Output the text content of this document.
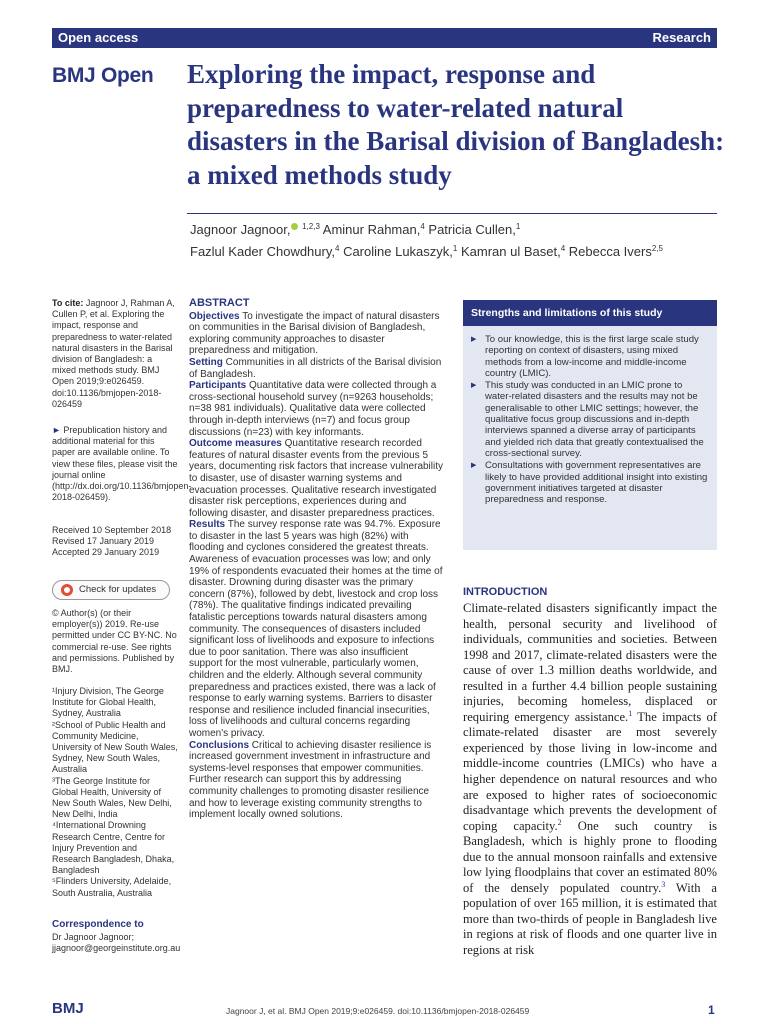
Open access	Research
BMJ Open Exploring the impact, response and preparedness to water-related natural disasters in the Barisal division of Bangladesh: a mixed methods study
Jagnoor Jagnoor, $^{1,2,3}$ Aminur Rahman,$^4$ Patricia Cullen,$^1$
Fazlul Kader Chowdhury,$^4$ Caroline Lukaszyk,$^1$ Kamran ul Baset,$^4$ Rebecca Ivers$^{2,5}$
To cite: Jagnoor J, Rahman A, Cullen P, et al. Exploring the impact, response and preparedness to water-related natural disasters in the Barisal division of Bangladesh: a mixed methods study. BMJ Open 2019;9:e026459. doi:10.1136/bmjopen-2018-026459
► Prepublication history and additional material for this paper are available online. To view these files, please visit the journal online (http://dx.doi.org/10.1136/bmjopen-2018-026459).
Received 10 September 2018
Revised 17 January 2019
Accepted 29 January 2019
Check for updates
© Author(s) (or their employer(s)) 2019. Re-use permitted under CC BY-NC. No commercial re-use. See rights and permissions. Published by BMJ.
¹Injury Division, The George Institute for Global Health, Sydney, Australia
²School of Public Health and Community Medicine, University of New South Wales, Sydney, New South Wales, Australia
³The George Institute for Global Health, University of New South Wales, New Delhi, New Delhi, India
⁴International Drowning Research Centre, Centre for Injury Prevention and Research Bangladesh, Dhaka, Bangladesh
⁵Flinders University, Adelaide, South Australia, Australia
Correspondence to
Dr Jagnoor Jagnoor;
jjagnoor@georgeinstitute.org.au
ABSTRACT

Objectives To investigate the impact of natural disasters on communities in the Barisal division of Bangladesh, exploring community approaches to disaster preparedness and mitigation.

Setting Communities in all districts of the Barisal division of Bangladesh.

Participants Quantitative data were collected through a cross-sectional household survey (n=9263 households; n=38 981 individuals). Qualitative data were collected through in-depth interviews (n=7) and focus group discussions (n=23) with key informants.

Outcome measures Quantitative research recorded features of natural disaster events from the previous 5 years, documenting risk factors that increase vulnerability to disaster, use of disaster warning systems and evacuation processes. Qualitative research investigated disaster risk perceptions, experiences during and following disaster, and disaster preparedness practices.

Results The survey response rate was 94.7%. Exposure to disaster in the last 5 years was high (82%) with flooding and cyclones considered the greatest threats. Awareness of evacuation processes was low; and only 19% of respondents evacuated their homes at the time of disaster. Drowning during disaster was the primary concern (87%), followed by debt, livestock and crop loss (78%). The qualitative findings indicated prevailing fatalistic perceptions towards natural disasters among community. The consequences of disasters included significant loss of livelihoods and exposure to infections due to poor sanitation. There was also insufficient support for the most vulnerable, particularly women, children and the elderly. Although several community preparedness and practices existed, there was a lack of response to early warning systems. Barriers to disaster response and resilience included financial insecurities, loss of livelihoods and cultural concerns regarding women's privacy.

Conclusions Critical to achieving disaster resilience is increased government investment in infrastructure and systems-level responses that empower communities. Further research can support this by addressing community challenges to promoting disaster resilience and how to leverage existing community strengths to implement locally owned solutions.

Strengths and limitations of this study
▶ To our knowledge, this is the first large scale study reporting on context of disasters, using mixed methods from a low-income and middle-income country (LMIC).
▶ This study was conducted in an LMIC prone to water-related disasters and the results may not be generalisable to other LMIC settings; however, the qualitative focus group discussions and in-depth interviews spanned a diverse array of participants and yielded rich data that greatly contextualised the cross-sectional survey.
▶ Consultations with government representatives are likely to have provided additional insight into existing government initiatives targeted at disaster preparedness and response.
INTRODUCTION
Climate-related disasters significantly impact the health, personal security and livelihood of individuals, communities and societies. Between 1998 and 2017, climate-related disasters were the cause of over 1.3 million deaths worldwide, and resulted in a further 4.4 billion people sustaining injuries, becoming homeless, displaced or requiring emergency assistance.$^1$ The impacts of climate-related disaster are most severely experienced by those living in low-income and middle-income countries (LMICs) who have a higher dependence on natural resources and who are exposed to higher rates of socioeconomic disadvantage which prevents the development of coping capacity.$^2$ One such country is Bangladesh, which is highly prone to flooding due to the annual monsoon rainfalls and extensive low lying floodplains that cover an estimated 80% of the densely populated country.$^3$ With a population of over 165 million, it is estimated that more than two-thirds of people in Bangladesh live in regions at risk of floods and one quarter live in regions at risk
BMJ	Jagnoor J, et al. BMJ Open 2019;9:e026459. doi:10.1136/bmjopen-2018-026459	1
